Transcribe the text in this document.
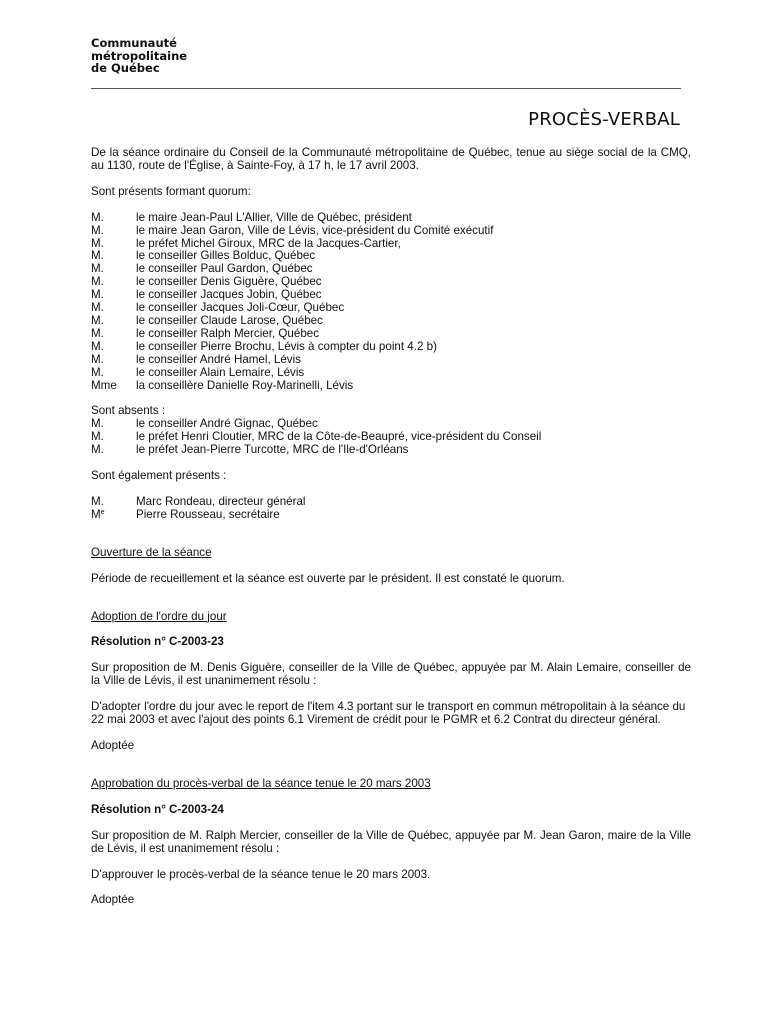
Communauté
métropolitaine
de Québec
PROCÈS-VERBAL

De la séance ordinaire du Conseil de la Communauté métropolitaine de Québec, tenue au siège social de la CMQ, au 1130, route de l'Église, à Sainte-Foy, à 17 h, le 17 avril 2003.

Sont présents formant quorum:

M.	le maire Jean-Paul L'Allier, Ville de Québec, président
M.	le maire Jean Garon, Ville de Lévis, vice-président du Comité exécutif
M.	le préfet Michel Giroux, MRC de la Jacques-Cartier,
M.	le conseiller Gilles Bolduc, Québec
M.	le conseiller Paul Gardon, Québec
M.	le conseiller Denis Giguère, Québec
M.	le conseiller Jacques Jobin, Québec
M.	le conseiller Jacques Joli-Cœur, Québec
M.	le conseiller Claude Larose, Québec
M.	le conseiller Ralph Mercier, Québec
M.	le conseiller Pierre Brochu, Lévis à compter du point 4.2 b)
M.	le conseiller André Hamel, Lévis
M.	le conseiller Alain Lemaire, Lévis
Mme	la conseillère Danielle Roy-Marinelli, Lévis

Sont absents :

M.	le conseiller André Gignac, Québec
M.	le préfet Henri Cloutier, MRC de la Côte-de-Beaupré, vice-président du Conseil
M.	le préfet Jean-Pierre Turcotte, MRC de l'Ile-d'Orléans

Sont également présents :

M.	Marc Rondeau, directeur général
Me	Pierre Rousseau, secrétaire

Ouverture de la séance

Période de recueillement et la séance est ouverte par le président. Il est constaté le quorum.

Adoption de l'ordre du jour

Résolution n° C-2003-23

Sur proposition de M. Denis Giguère, conseiller de la Ville de Québec, appuyée par M. Alain Lemaire, conseiller de la Ville de Lévis, il est unanimement résolu :

D'adopter l'ordre du jour avec le report de l'item 4.3 portant sur le transport en commun métropolitain à la séance du 22 mai 2003 et avec l'ajout des points 6.1 Virement de crédit pour le PGMR et 6.2 Contrat du directeur général.

Adoptée

Approbation du procès-verbal de la séance tenue le 20 mars 2003

Résolution n° C-2003-24

Sur proposition de M. Ralph Mercier, conseiller de la Ville de Québec, appuyée par M. Jean Garon, maire de la Ville de Lévis, il est unanimement résolu :

D'approuver le procès-verbal de la séance tenue le 20 mars 2003.

Adoptée
